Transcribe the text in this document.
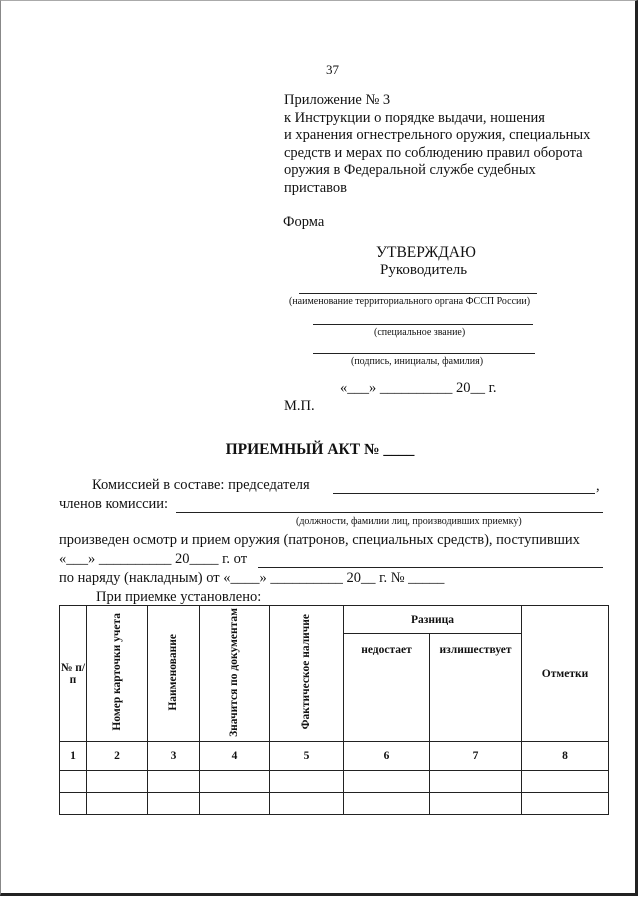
37
Приложение № 3
к Инструкции о порядке выдачи, ношения
и хранения огнестрельного оружия, специальных
средств и мерах по соблюдению правил оборота
оружия в Федеральной службе судебных
приставов
Форма
УТВЕРЖДАЮ
Руководитель
(наименование территориального органа ФССП России)
(специальное звание)
(подпись, инициалы, фамилия)
«___» __________ 20__ г.
М.П.
ПРИЕМНЫЙ АКТ № ____
Комиссией в составе: председателя	,
членов комиссии:
(должности, фамилии лиц, производивших приемку)
произведен осмотр и прием оружия (патронов, специальных средств), поступивших
«___» __________ 20____ г. от
по наряду (накладным) от «____» __________ 20__ г. № _____
При приемке установлено:
№ п/п	Номер карточки учета	Наименование	Значится по документам	Фактическое наличие	Разница		Отметки
					недостает	излишествует	
1	2	3	4	5	6	7	8
